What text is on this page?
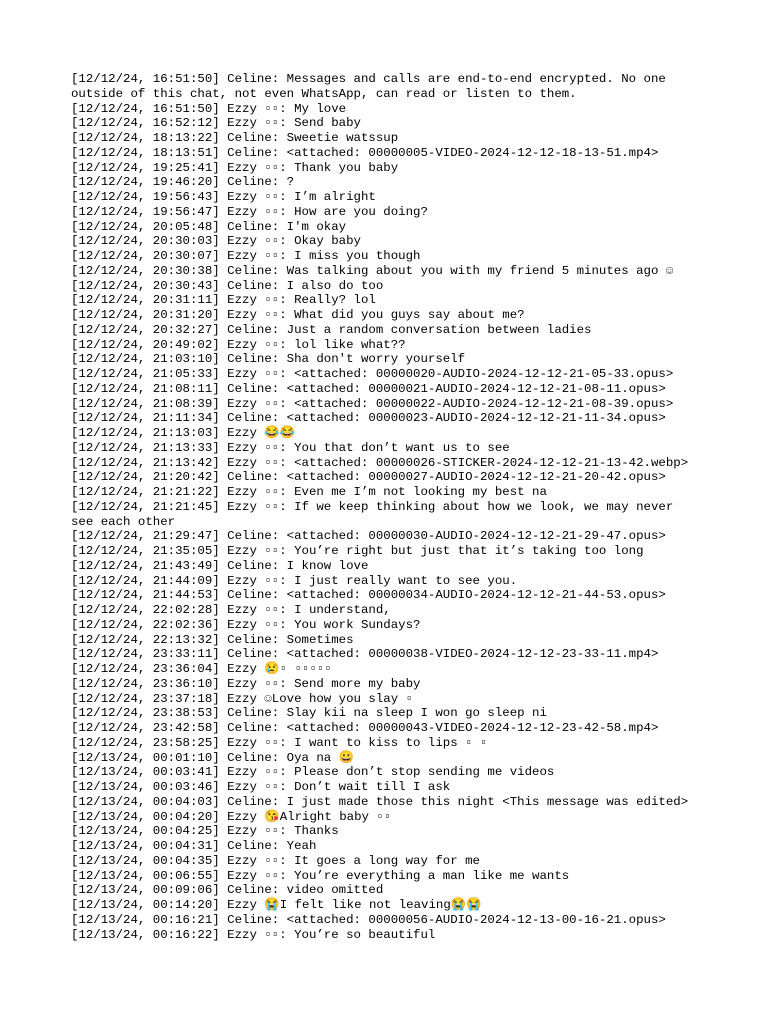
[12/12/24, 16:51:50] Celine: Messages and calls are end-to-end encrypted. No one outside of this chat, not even WhatsApp, can read or listen to them.
[12/12/24, 16:51:50] Ezzy ▫▫: My love
[12/12/24, 16:52:12] Ezzy ▫▫: Send baby
[12/12/24, 18:13:22] Celine: Sweetie watssup
[12/12/24, 18:13:51] Celine: <attached: 00000005-VIDEO-2024-12-12-18-13-51.mp4>
[12/12/24, 19:25:41] Ezzy ▫▫: Thank you baby
[12/12/24, 19:46:20] Celine: ?
[12/12/24, 19:56:43] Ezzy ▫▫: I’m alright
[12/12/24, 19:56:47] Ezzy ▫▫: How are you doing?
[12/12/24, 20:05:48] Celine: I'm okay
[12/12/24, 20:30:03] Ezzy ▫▫: Okay baby
[12/12/24, 20:30:07] Ezzy ▫▫: I miss you though
[12/12/24, 20:30:38] Celine: Was talking about you with my friend 5 minutes ago ☺
[12/12/24, 20:30:43] Celine: I also do too
[12/12/24, 20:31:11] Ezzy ▫▫: Really? lol
[12/12/24, 20:31:20] Ezzy ▫▫: What did you guys say about me?
[12/12/24, 20:32:27] Celine: Just a random conversation between ladies
[12/12/24, 20:49:02] Ezzy ▫▫: lol like what??
[12/12/24, 21:03:10] Celine: Sha don't worry yourself
[12/12/24, 21:05:33] Ezzy ▫▫: <attached: 00000020-AUDIO-2024-12-12-21-05-33.opus>
[12/12/24, 21:08:11] Celine: <attached: 00000021-AUDIO-2024-12-12-21-08-11.opus>
[12/12/24, 21:08:39] Ezzy ▫▫: <attached: 00000022-AUDIO-2024-12-12-21-08-39.opus>
[12/12/24, 21:11:34] Celine: <attached: 00000023-AUDIO-2024-12-12-21-11-34.opus>
[12/12/24, 21:13:03] Ezzy 😂😂
[12/12/24, 21:13:33] Ezzy ▫▫: You that don’t want us to see
[12/12/24, 21:13:42] Ezzy ▫▫: <attached: 00000026-STICKER-2024-12-12-21-13-42.webp>
[12/12/24, 21:20:42] Celine: <attached: 00000027-AUDIO-2024-12-12-21-20-42.opus>
[12/12/24, 21:21:22] Ezzy ▫▫: Even me I’m not looking my best na
[12/12/24, 21:21:45] Ezzy ▫▫: If we keep thinking about how we look, we may never see each other
[12/12/24, 21:29:47] Celine: <attached: 00000030-AUDIO-2024-12-12-21-29-47.opus>
[12/12/24, 21:35:05] Ezzy ▫▫: You’re right but just that it’s taking too long
[12/12/24, 21:43:49] Celine: I know love
[12/12/24, 21:44:09] Ezzy ▫▫: I just really want to see you.
[12/12/24, 21:44:53] Celine: <attached: 00000034-AUDIO-2024-12-12-21-44-53.opus>
[12/12/24, 22:02:28] Ezzy ▫▫: I understand,
[12/12/24, 22:02:36] Ezzy ▫▫: You work Sundays?
[12/12/24, 22:13:32] Celine: Sometimes
[12/12/24, 23:33:11] Celine: <attached: 00000038-VIDEO-2024-12-12-23-33-11.mp4>
[12/12/24, 23:36:04] Ezzy 😢▫ ▫▫▫▫▫
[12/12/24, 23:36:10] Ezzy ▫▫: Send more my baby
[12/12/24, 23:37:18] Ezzy ☺Love how you slay ▫
[12/12/24, 23:38:53] Celine: Slay kii na sleep I won go sleep ni
[12/12/24, 23:42:58] Celine: <attached: 00000043-VIDEO-2024-12-12-23-42-58.mp4>
[12/12/24, 23:58:25] Ezzy ▫▫: I want to kiss to lips ▫ ▫
[12/13/24, 00:01:10] Celine: Oya na 😀
[12/13/24, 00:03:41] Ezzy ▫▫: Please don’t stop sending me videos
[12/13/24, 00:03:46] Ezzy ▫▫: Don’t wait till I ask
[12/13/24, 00:04:03] Celine: I just made those this night <This message was edited>
[12/13/24, 00:04:20] Ezzy 😘Alright baby ▫▫
[12/13/24, 00:04:25] Ezzy ▫▫: Thanks
[12/13/24, 00:04:31] Celine: Yeah
[12/13/24, 00:04:35] Ezzy ▫▫: It goes a long way for me
[12/13/24, 00:06:55] Ezzy ▫▫: You’re everything a man like me wants
[12/13/24, 00:09:06] Celine: video omitted
[12/13/24, 00:14:20] Ezzy 😭I felt like not leaving😭😭
[12/13/24, 00:16:21] Celine: <attached: 00000056-AUDIO-2024-12-13-00-16-21.opus>
[12/13/24, 00:16:22] Ezzy ▫▫: You’re so beautiful
